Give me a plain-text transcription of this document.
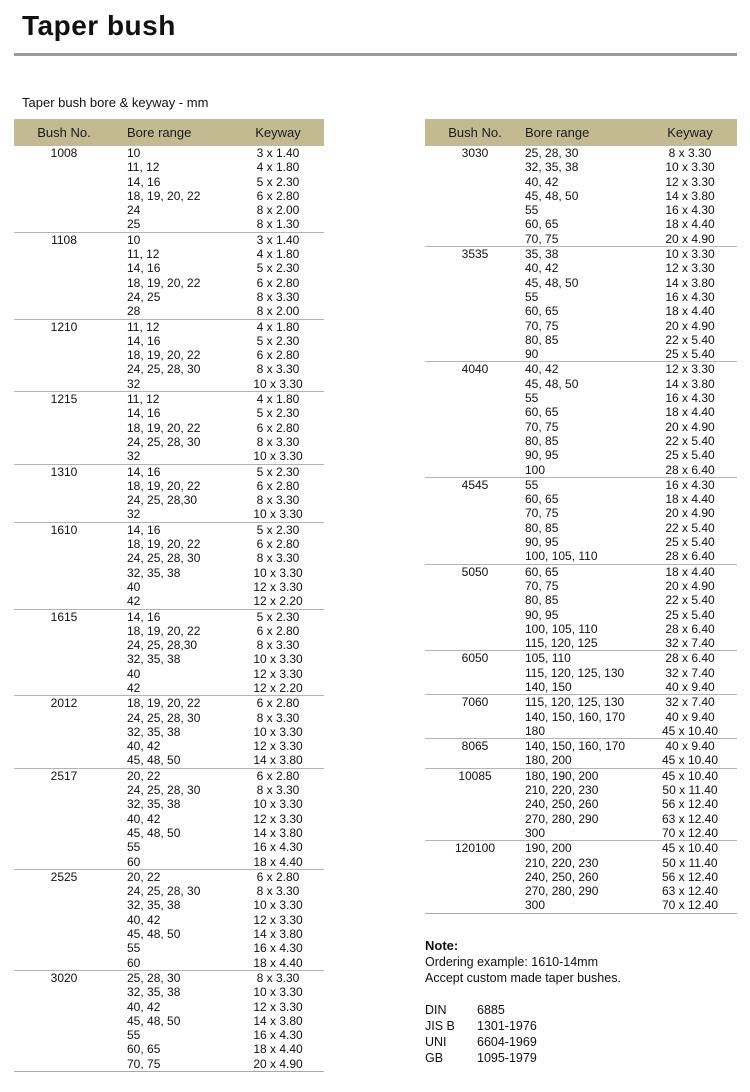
Taper bush
Taper bush bore & keyway - mm
Bush No.	Bore range	Keyway
1008	10	3 x 1.40
11, 12	4 x 1.80
14, 16	5 x 2.30
18, 19, 20, 22	6 x 2.80
24	8 x 2.00
25	8 x 1.30
1108	10	3 x 1.40
11, 12	4 x 1.80
14, 16	5 x 2.30
18, 19, 20, 22	6 x 2.80
24, 25	8 x 3.30
28	8 x 2.00
1210	11, 12	4 x 1.80
14, 16	5 x 2.30
18, 19, 20, 22	6 x 2.80
24, 25, 28, 30	8 x 3.30
32	10 x 3.30
1215	11, 12	4 x 1.80
14, 16	5 x 2.30
18, 19, 20, 22	6 x 2.80
24, 25, 28, 30	8 x 3.30
32	10 x 3.30
1310	14, 16	5 x 2.30
18, 19, 20, 22	6 x 2.80
24, 25, 28,30	8 x 3.30
32	10 x 3.30
1610	14, 16	5 x 2.30
18, 19, 20, 22	6 x 2.80
24, 25, 28, 30	8 x 3.30
32, 35, 38	10 x 3.30
40	12 x 3.30
42	12 x 2.20
1615	14, 16	5 x 2.30
18, 19, 20, 22	6 x 2.80
24, 25, 28,30	8 x 3.30
32, 35, 38	10 x 3.30
40	12 x 3.30
42	12 x 2.20
2012	18, 19, 20, 22	6 x 2.80
24, 25, 28, 30	8 x 3.30
32, 35, 38	10 x 3.30
40, 42	12 x 3.30
45, 48, 50	14 x 3.80
2517	20, 22	6 x 2.80
24, 25, 28, 30	8 x 3.30
32, 35, 38	10 x 3.30
40, 42	12 x 3.30
45, 48, 50	14 x 3.80
55	16 x 4.30
60	18 x 4.40
2525	20, 22	6 x 2.80
24, 25, 28, 30	8 x 3.30
32, 35, 38	10 x 3.30
40, 42	12 x 3.30
45, 48, 50	14 x 3.80
55	16 x 4.30
60	18 x 4.40
3020	25, 28, 30	8 x 3.30
32, 35, 38	10 x 3.30
40, 42	12 x 3.30
45, 48, 50	14 x 3.80
55	16 x 4.30
60, 65	18 x 4.40
70, 75	20 x 4.90
Bush No.	Bore range	Keyway
3030	25, 28, 30	8 x 3.30
32, 35, 38	10 x 3.30
40, 42	12 x 3.30
45, 48, 50	14 x 3.80
55	16 x 4.30
60, 65	18 x 4.40
70, 75	20 x 4.90
3535	35, 38	10 x 3.30
40, 42	12 x 3.30
45, 48, 50	14 x 3.80
55	16 x 4.30
60, 65	18 x 4.40
70, 75	20 x 4.90
80, 85	22 x 5.40
90	25 x 5.40
4040	40, 42	12 x 3.30
45, 48, 50	14 x 3.80
55	16 x 4.30
60, 65	18 x 4.40
70, 75	20 x 4.90
80, 85	22 x 5.40
90, 95	25 x 5.40
100	28 x 6.40
4545	55	16 x 4.30
60, 65	18 x 4.40
70, 75	20 x 4.90
80, 85	22 x 5.40
90, 95	25 x 5.40
100, 105, 110	28 x 6.40
5050	60, 65	18 x 4.40
70, 75	20 x 4.90
80, 85	22 x 5.40
90, 95	25 x 5.40
100, 105, 110	28 x 6.40
115, 120, 125	32 x 7.40
6050	105, 110	28 x 6.40
115, 120, 125, 130	32 x 7.40
140, 150	40 x 9.40
7060	115, 120, 125, 130	32 x 7.40
140, 150, 160, 170	40 x 9.40
180	45 x 10.40
8065	140, 150, 160, 170	40 x 9.40
180, 200	45 x 10.40
10085	180, 190, 200	45 x 10.40
210, 220, 230	50 x 11.40
240, 250, 260	56 x 12.40
270, 280, 290	63 x 12.40
300	70 x 12.40
120100	190, 200	45 x 10.40
210, 220, 230	50 x 11.40
240, 250, 260	56 x 12.40
270, 280, 290	63 x 12.40
300	70 x 12.40
Note:
Ordering example: 1610-14mm
Accept custom made taper bushes.
DIN	6885
JIS B	1301-1976
UNI	6604-1969
GB	1095-1979
